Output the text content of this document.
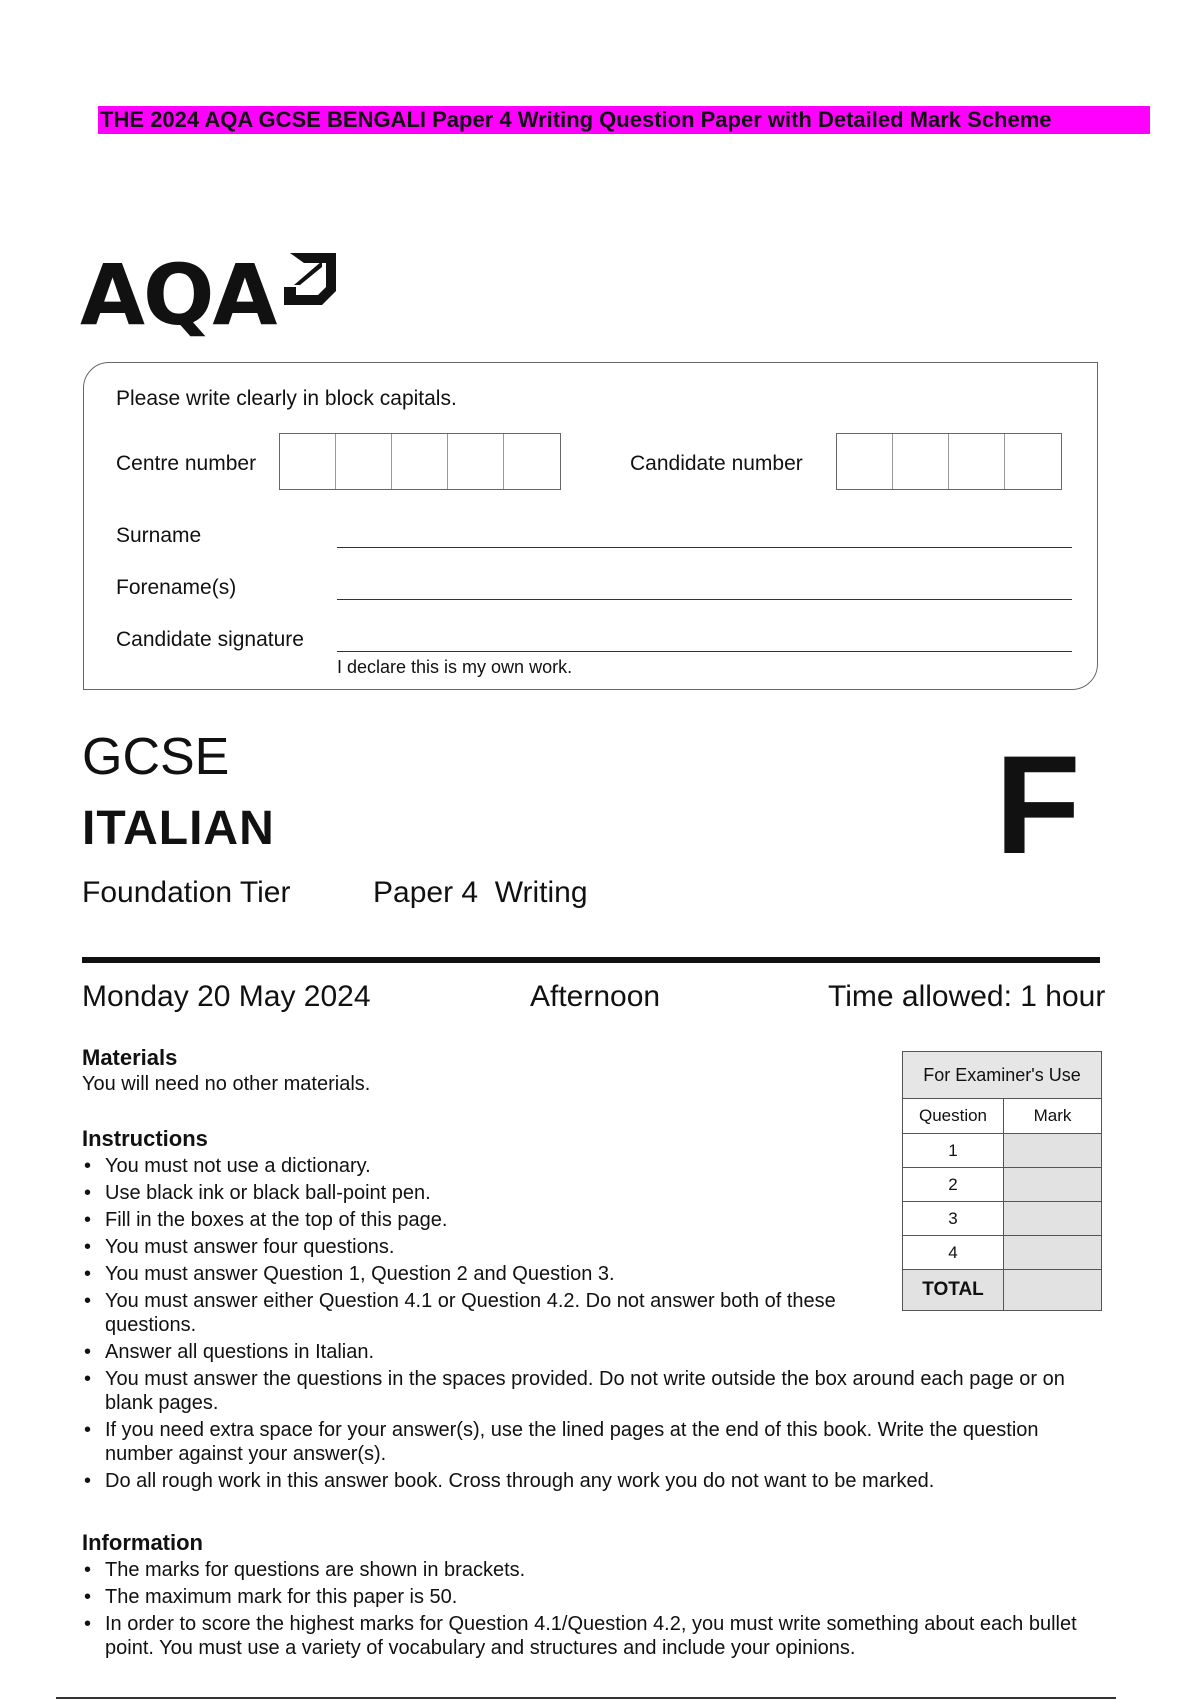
THE 2024 AQA GCSE BENGALI Paper 4 Writing Question Paper with Detailed Mark Scheme
AQA
Please write clearly in block capitals.
Centre number	Candidate number
Surname
Forename(s)
Candidate signature
I declare this is my own work.
GCSE
ITALIAN
Foundation Tier	Paper 4  Writing
F
Monday 20 May 2024	Afternoon	Time allowed: 1 hour
Materials
You will need no other materials.
Instructions
• You must not use a dictionary.
• Use black ink or black ball-point pen.
• Fill in the boxes at the top of this page.
• You must answer four questions.
• You must answer Question 1, Question 2 and Question 3.
• You must answer either Question 4.1 or Question 4.2. Do not answer both of these questions.
• Answer all questions in Italian.
• You must answer the questions in the spaces provided. Do not write outside the box around each page or on blank pages.
• If you need extra space for your answer(s), use the lined pages at the end of this book. Write the question number against your answer(s).
• Do all rough work in this answer book. Cross through any work you do not want to be marked.
Information
• The marks for questions are shown in brackets.
• The maximum mark for this paper is 50.
• In order to score the highest marks for Question 4.1/Question 4.2, you must write something about each bullet point. You must use a variety of vocabulary and structures and include your opinions.
For Examiner's Use	
Question	Mark
1	
2	
3	
4	
TOTAL	
